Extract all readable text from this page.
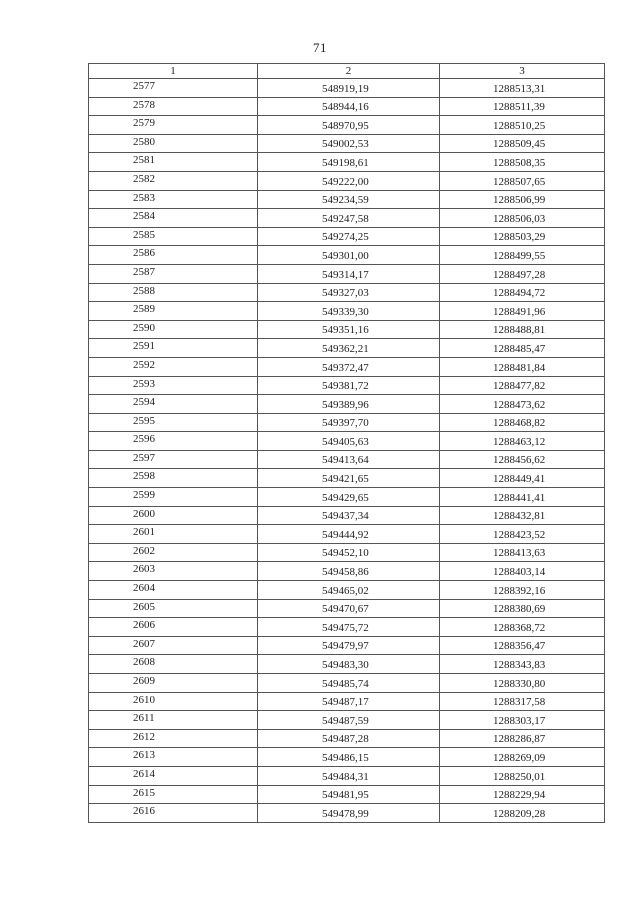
71
1	2	3
2577	548919,19	1288513,31
2578	548944,16	1288511,39
2579	548970,95	1288510,25
2580	549002,53	1288509,45
2581	549198,61	1288508,35
2582	549222,00	1288507,65
2583	549234,59	1288506,99
2584	549247,58	1288506,03
2585	549274,25	1288503,29
2586	549301,00	1288499,55
2587	549314,17	1288497,28
2588	549327,03	1288494,72
2589	549339,30	1288491,96
2590	549351,16	1288488,81
2591	549362,21	1288485,47
2592	549372,47	1288481,84
2593	549381,72	1288477,82
2594	549389,96	1288473,62
2595	549397,70	1288468,82
2596	549405,63	1288463,12
2597	549413,64	1288456,62
2598	549421,65	1288449,41
2599	549429,65	1288441,41
2600	549437,34	1288432,81
2601	549444,92	1288423,52
2602	549452,10	1288413,63
2603	549458,86	1288403,14
2604	549465,02	1288392,16
2605	549470,67	1288380,69
2606	549475,72	1288368,72
2607	549479,97	1288356,47
2608	549483,30	1288343,83
2609	549485,74	1288330,80
2610	549487,17	1288317,58
2611	549487,59	1288303,17
2612	549487,28	1288286,87
2613	549486,15	1288269,09
2614	549484,31	1288250,01
2615	549481,95	1288229,94
2616	549478,99	1288209,28
